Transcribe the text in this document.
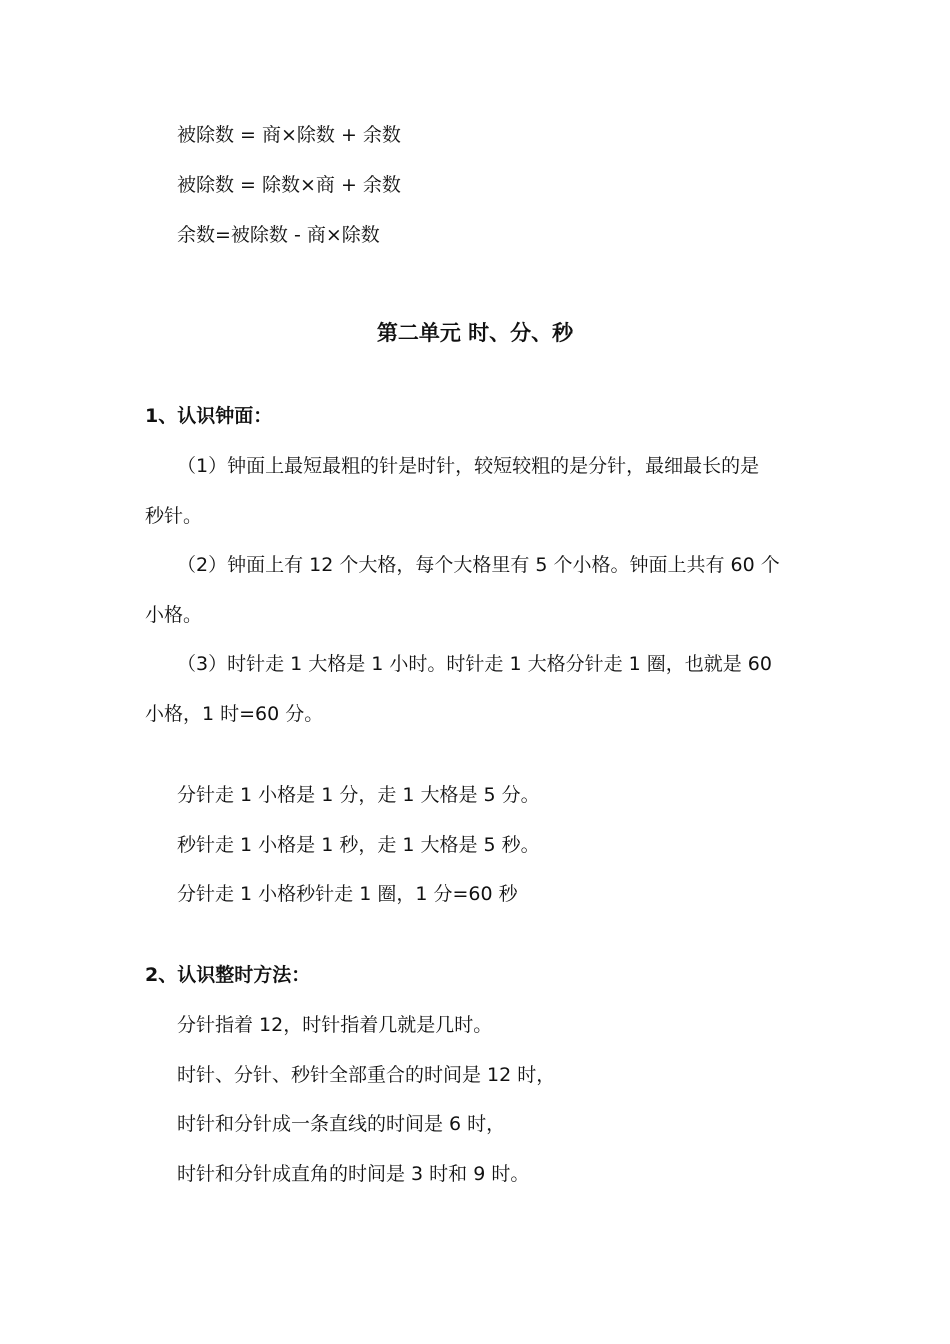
被除数 = 商×除数 + 余数
被除数 = 除数×商 + 余数
余数=被除数 - 商×除数
第二单元 时、分、秒
1、认识钟面：
（1）钟面上最短最粗的针是时针，较短较粗的是分针，最细最长的是
秒针。
（2）钟面上有 12 个大格，每个大格里有 5 个小格。钟面上共有 60 个
小格。
（3）时针走 1 大格是 1 小时。时针走 1 大格分针走 1 圈，也就是 60
小格，1 时=60 分。
分针走 1 小格是 1 分，走 1 大格是 5 分。
秒针走 1 小格是 1 秒，走 1 大格是 5 秒。
分针走 1 小格秒针走 1 圈，1 分=60 秒
2、认识整时方法：
分针指着 12，时针指着几就是几时。
时针、分针、秒针全部重合的时间是 12 时，
时针和分针成一条直线的时间是 6 时，
时针和分针成直角的时间是 3 时和 9 时。
